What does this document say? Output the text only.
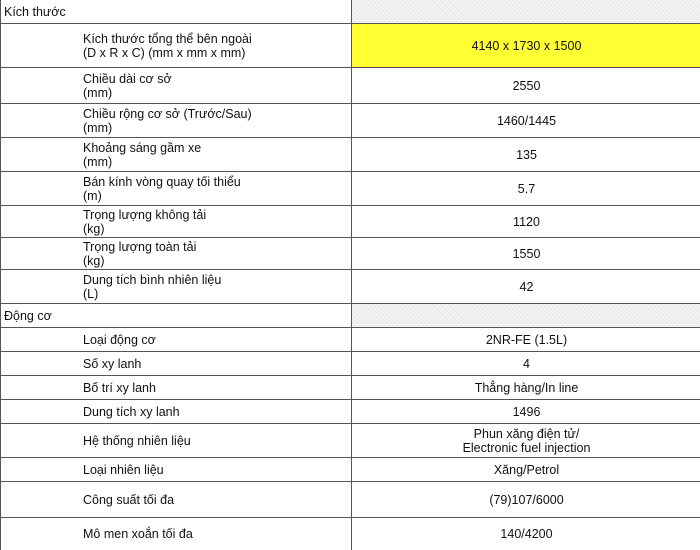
Kích thước
Kích thước tổng thể bên ngoài
(D x R x C) (mm x mm x mm)	4140 x 1730 x 1500
Chiều dài cơ sở
(mm)	2550
Chiều rộng cơ sở (Trước/Sau)
(mm)	1460/1445
Khoảng sáng gầm xe
(mm)	135
Bán kính vòng quay tối thiểu
(m)	5.7
Trọng lượng không tải
(kg)	1120
Trọng lượng toàn tải
(kg)	1550
Dung tích bình nhiên liệu
(L)	42
Động cơ
Loại động cơ	2NR-FE (1.5L)
Số xy lanh	4
Bố trí xy lanh	Thẳng hàng/In line
Dung tích xy lanh	1496
Hệ thống nhiên liệu	Phun xăng điện tử/
Electronic fuel injection
Loại nhiên liệu	Xăng/Petrol
Công suất tối đa	(79)107/6000
Mô men xoắn tối đa	140/4200
